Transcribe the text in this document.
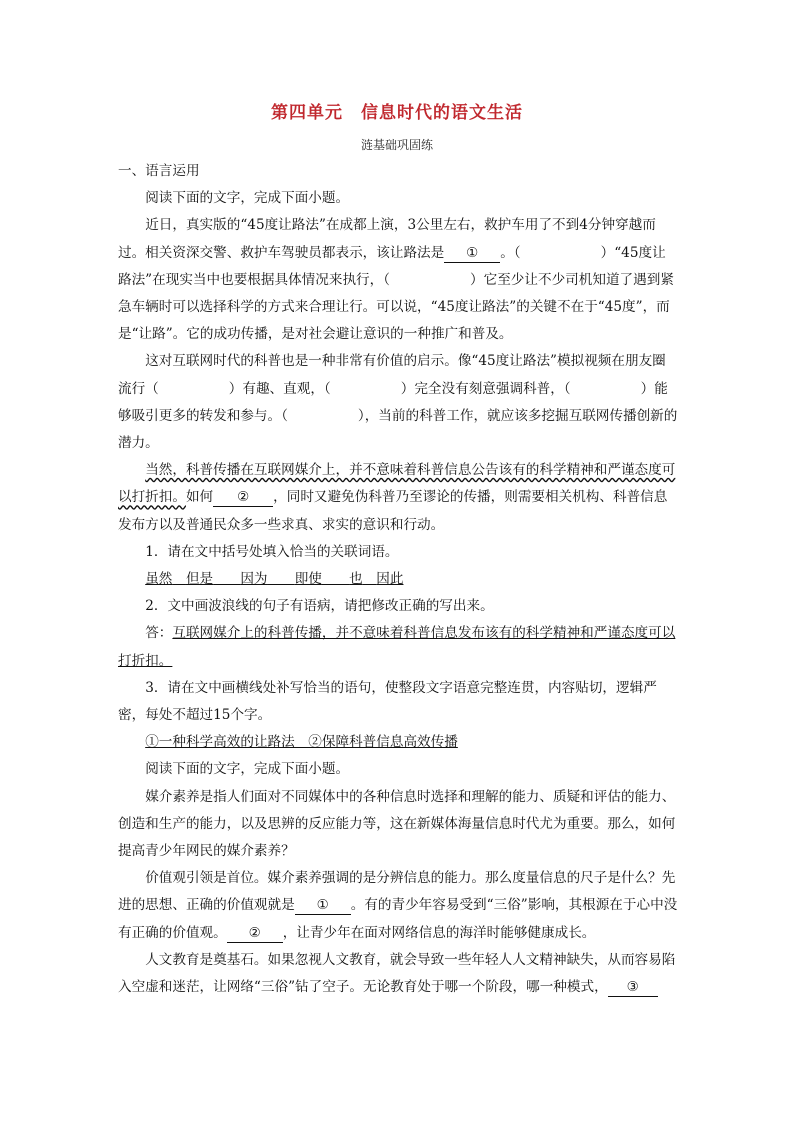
第四单元　信息时代的语文生活
涟基础巩固练

一、语言运用

阅读下面的文字，完成下面小题。

近日，真实版的“45度让路法”在成都上演，3公里左右，救护车用了不到4分钟穿越而过。相关资深交警、救护车驾驶员都表示，该让路法是 ① 。（	）“45度让路法”在现实当中也要根据具体情况来执行，（	）它至少让不少司机知道了遇到紧急车辆时可以选择科学的方式来合理让行。可以说，“45度让路法”的关键不在于“45度”，而是“让路”。它的成功传播，是对社会避让意识的一种推广和普及。

这对互联网时代的科普也是一种非常有价值的启示。像“45度让路法”模拟视频在朋友圈流行（	）有趣、直观，（	）完全没有刻意强调科普，（	）能够吸引更多的转发和参与。（	），当前的科普工作，就应该多挖掘互联网传播创新的潜力。

当然，科普传播在互联网媒介上，并不意味着科普信息公告该有的科学精神和严谨态度可以打折扣。如何 ② ，同时又避免伪科普乃至谬论的传播，则需要相关机构、科普信息发布方以及普通民众多一些求真、求实的意识和行动。

1．请在文中括号处填入恰当的关联词语。

虽然　 但是　　 因为　　 即使　　 也　 因此

2．文中画波浪线的句子有语病，请把修改正确的写出来。

答：互联网媒介上的科普传播，并不意味着科普信息发布该有的科学精神和严谨态度可以打折扣。

3．请在文中画横线处补写恰当的语句，使整段文字语意完整连贯，内容贴切，逻辑严密，每处不超过15个字。

①一种科学高效的让路法　②保障科普信息高效传播

阅读下面的文字，完成下面小题。

媒介素养是指人们面对不同媒体中的各种信息时选择和理解的能力、质疑和评估的能力、创造和生产的能力，以及思辨的反应能力等，这在新媒体海量信息时代尤为重要。那么，如何提高青少年网民的媒介素养？

价值观引领是首位。媒介素养强调的是分辨信息的能力。那么度量信息的尺子是什么？先进的思想、正确的价值观就是 ① 。有的青少年容易受到“三俗”影响，其根源在于心中没有正确的价值观。 ② ，让青少年在面对网络信息的海洋时能够健康成长。

人文教育是奠基石。如果忽视人文教育，就会导致一些年轻人人文精神缺失，从而容易陷入空虚和迷茫，让网络“三俗”钻了空子。无论教育处于哪一个阶段，哪一种模式， ③
